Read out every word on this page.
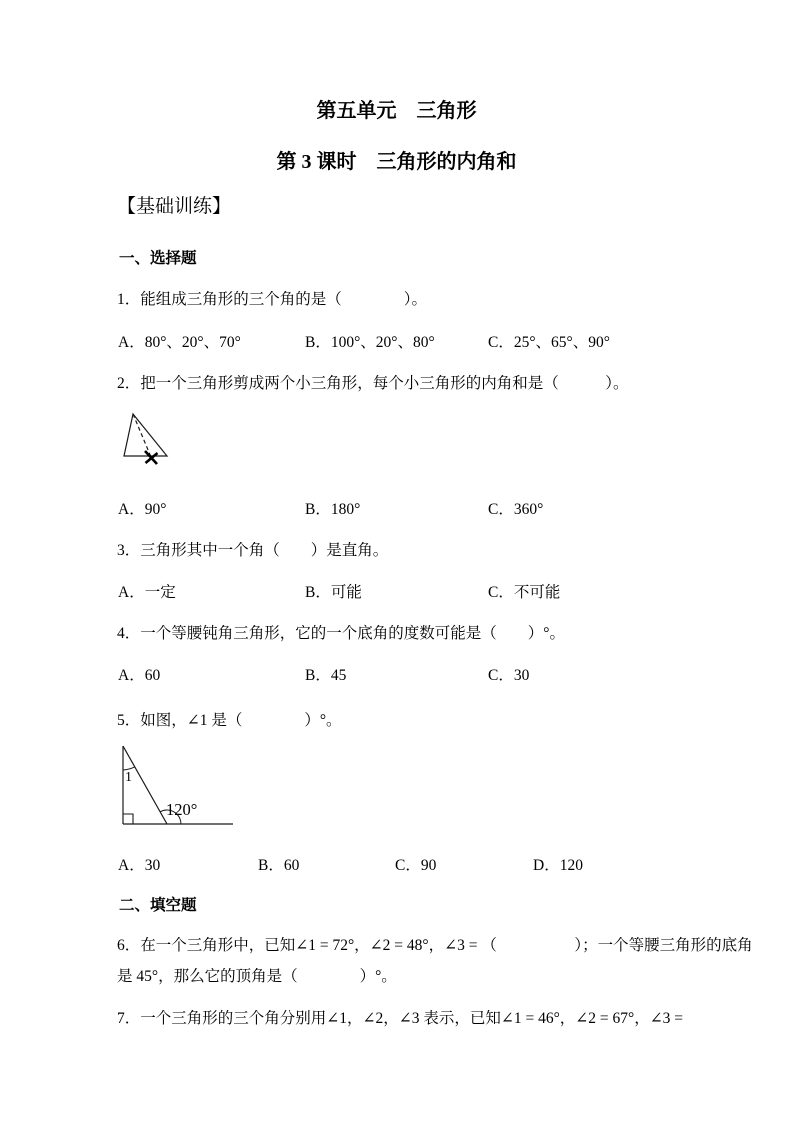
第五单元　三角形
第 3 课时　三角形的内角和
【基础训练】
一、选择题
1．能组成三角形的三个角的是（　　　　）。
A．80°、20°、70°	B．100°、20°、80°	C．25°、65°、90°
2．把一个三角形剪成两个小三角形，每个小三角形的内角和是（　　　）。
A．90°	B．180°	C．360°
3．三角形其中一个角（　　）是直角。
A．一定	B．可能	C．不可能
4．一个等腰钝角三角形，它的一个底角的度数可能是（　　）°。
A．60	B．45	C．30
5．如图，∠1 是（　　　　）°。
1
120°
A．30	B．60	C．90	D．120
二、填空题
6．在一个三角形中，已知∠1 = 72°，∠2 = 48°，∠3 = （　　　　　）；一个等腰三角形的底角
是 45°，那么它的顶角是（　　　　）°。
7．一个三角形的三个角分别用∠1，∠2，∠3 表示，已知∠1 = 46°，∠2 = 67°，∠3 =
